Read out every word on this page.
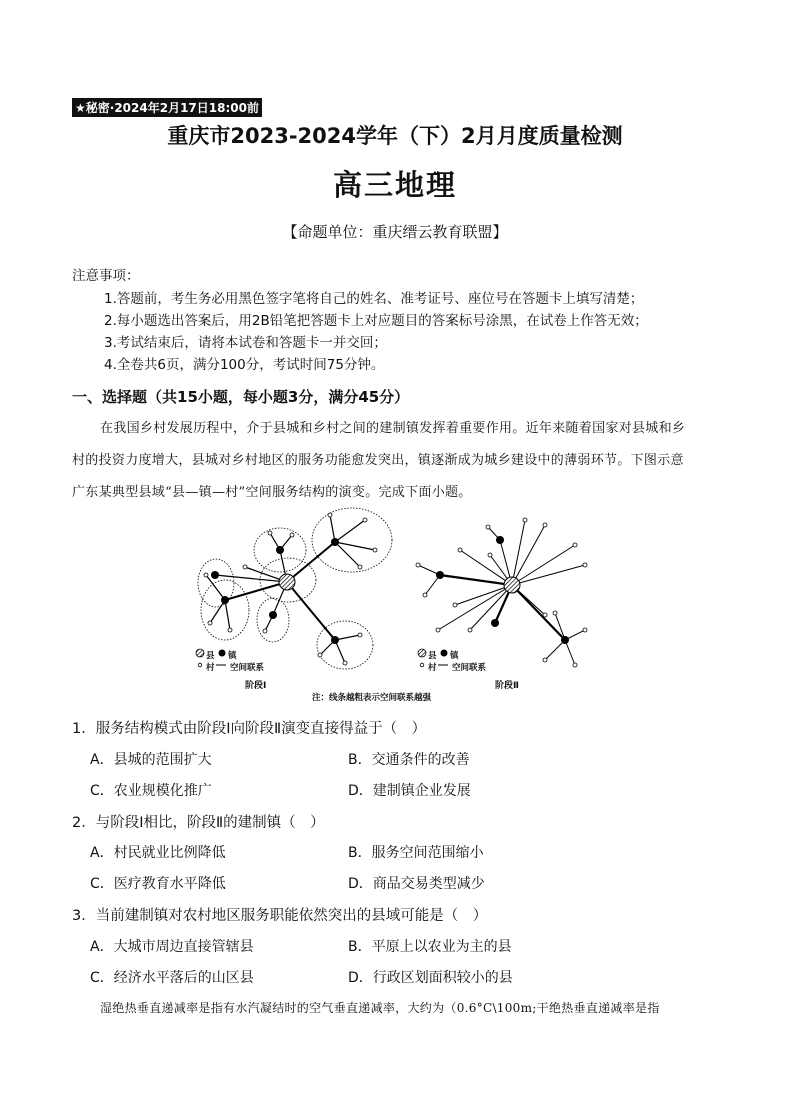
★秘密·2024年2月17日18:00前
重庆市2023-2024学年（下）2月月度质量检测
高三地理
【命题单位：重庆缙云教育联盟】
注意事项：
1.答题前，考生务必用黑色签字笔将自己的姓名、准考证号、座位号在答题卡上填写清楚；
2.每小题选出答案后，用2B铅笔把答题卡上对应题目的答案标号涂黑，在试卷上作答无效；
3.考试结束后，请将本试卷和答题卡一并交回；
4.全卷共6页，满分100分，考试时间75分钟。
一、选择题（共15小题，每小题3分，满分45分）
在我国乡村发展历程中，介于县城和乡村之间的建制镇发挥着重要作用。近年来随着国家对县城和乡
村的投资力度增大，县城对乡村地区的服务功能愈发突出，镇逐渐成为城乡建设中的薄弱环节。下图示意
广东某典型县域“县—镇—村”空间服务结构的演变。完成下面小题。
县 镇
村 空间联系
县 镇
村 空间联系
阶段Ⅰ	阶段Ⅱ
注：线条越粗表示空间联系越强
1．服务结构模式由阶段Ⅰ向阶段Ⅱ演变直接得益于（　）
A．县城的范围扩大	B．交通条件的改善
C．农业规模化推广	D．建制镇企业发展
2．与阶段Ⅰ相比，阶段Ⅱ的建制镇（　）
A．村民就业比例降低	B．服务空间范围缩小
C．医疗教育水平降低	D．商品交易类型减少
3．当前建制镇对农村地区服务职能依然突出的县域可能是（　）
A．大城市周边直接管辖县	B．平原上以农业为主的县
C．经济水平落后的山区县	D．行政区划面积较小的县
湿绝热垂直递减率是指有水汽凝结时的空气垂直递减率，大约为（0.6°C\100m;干绝热垂直递减率是指
